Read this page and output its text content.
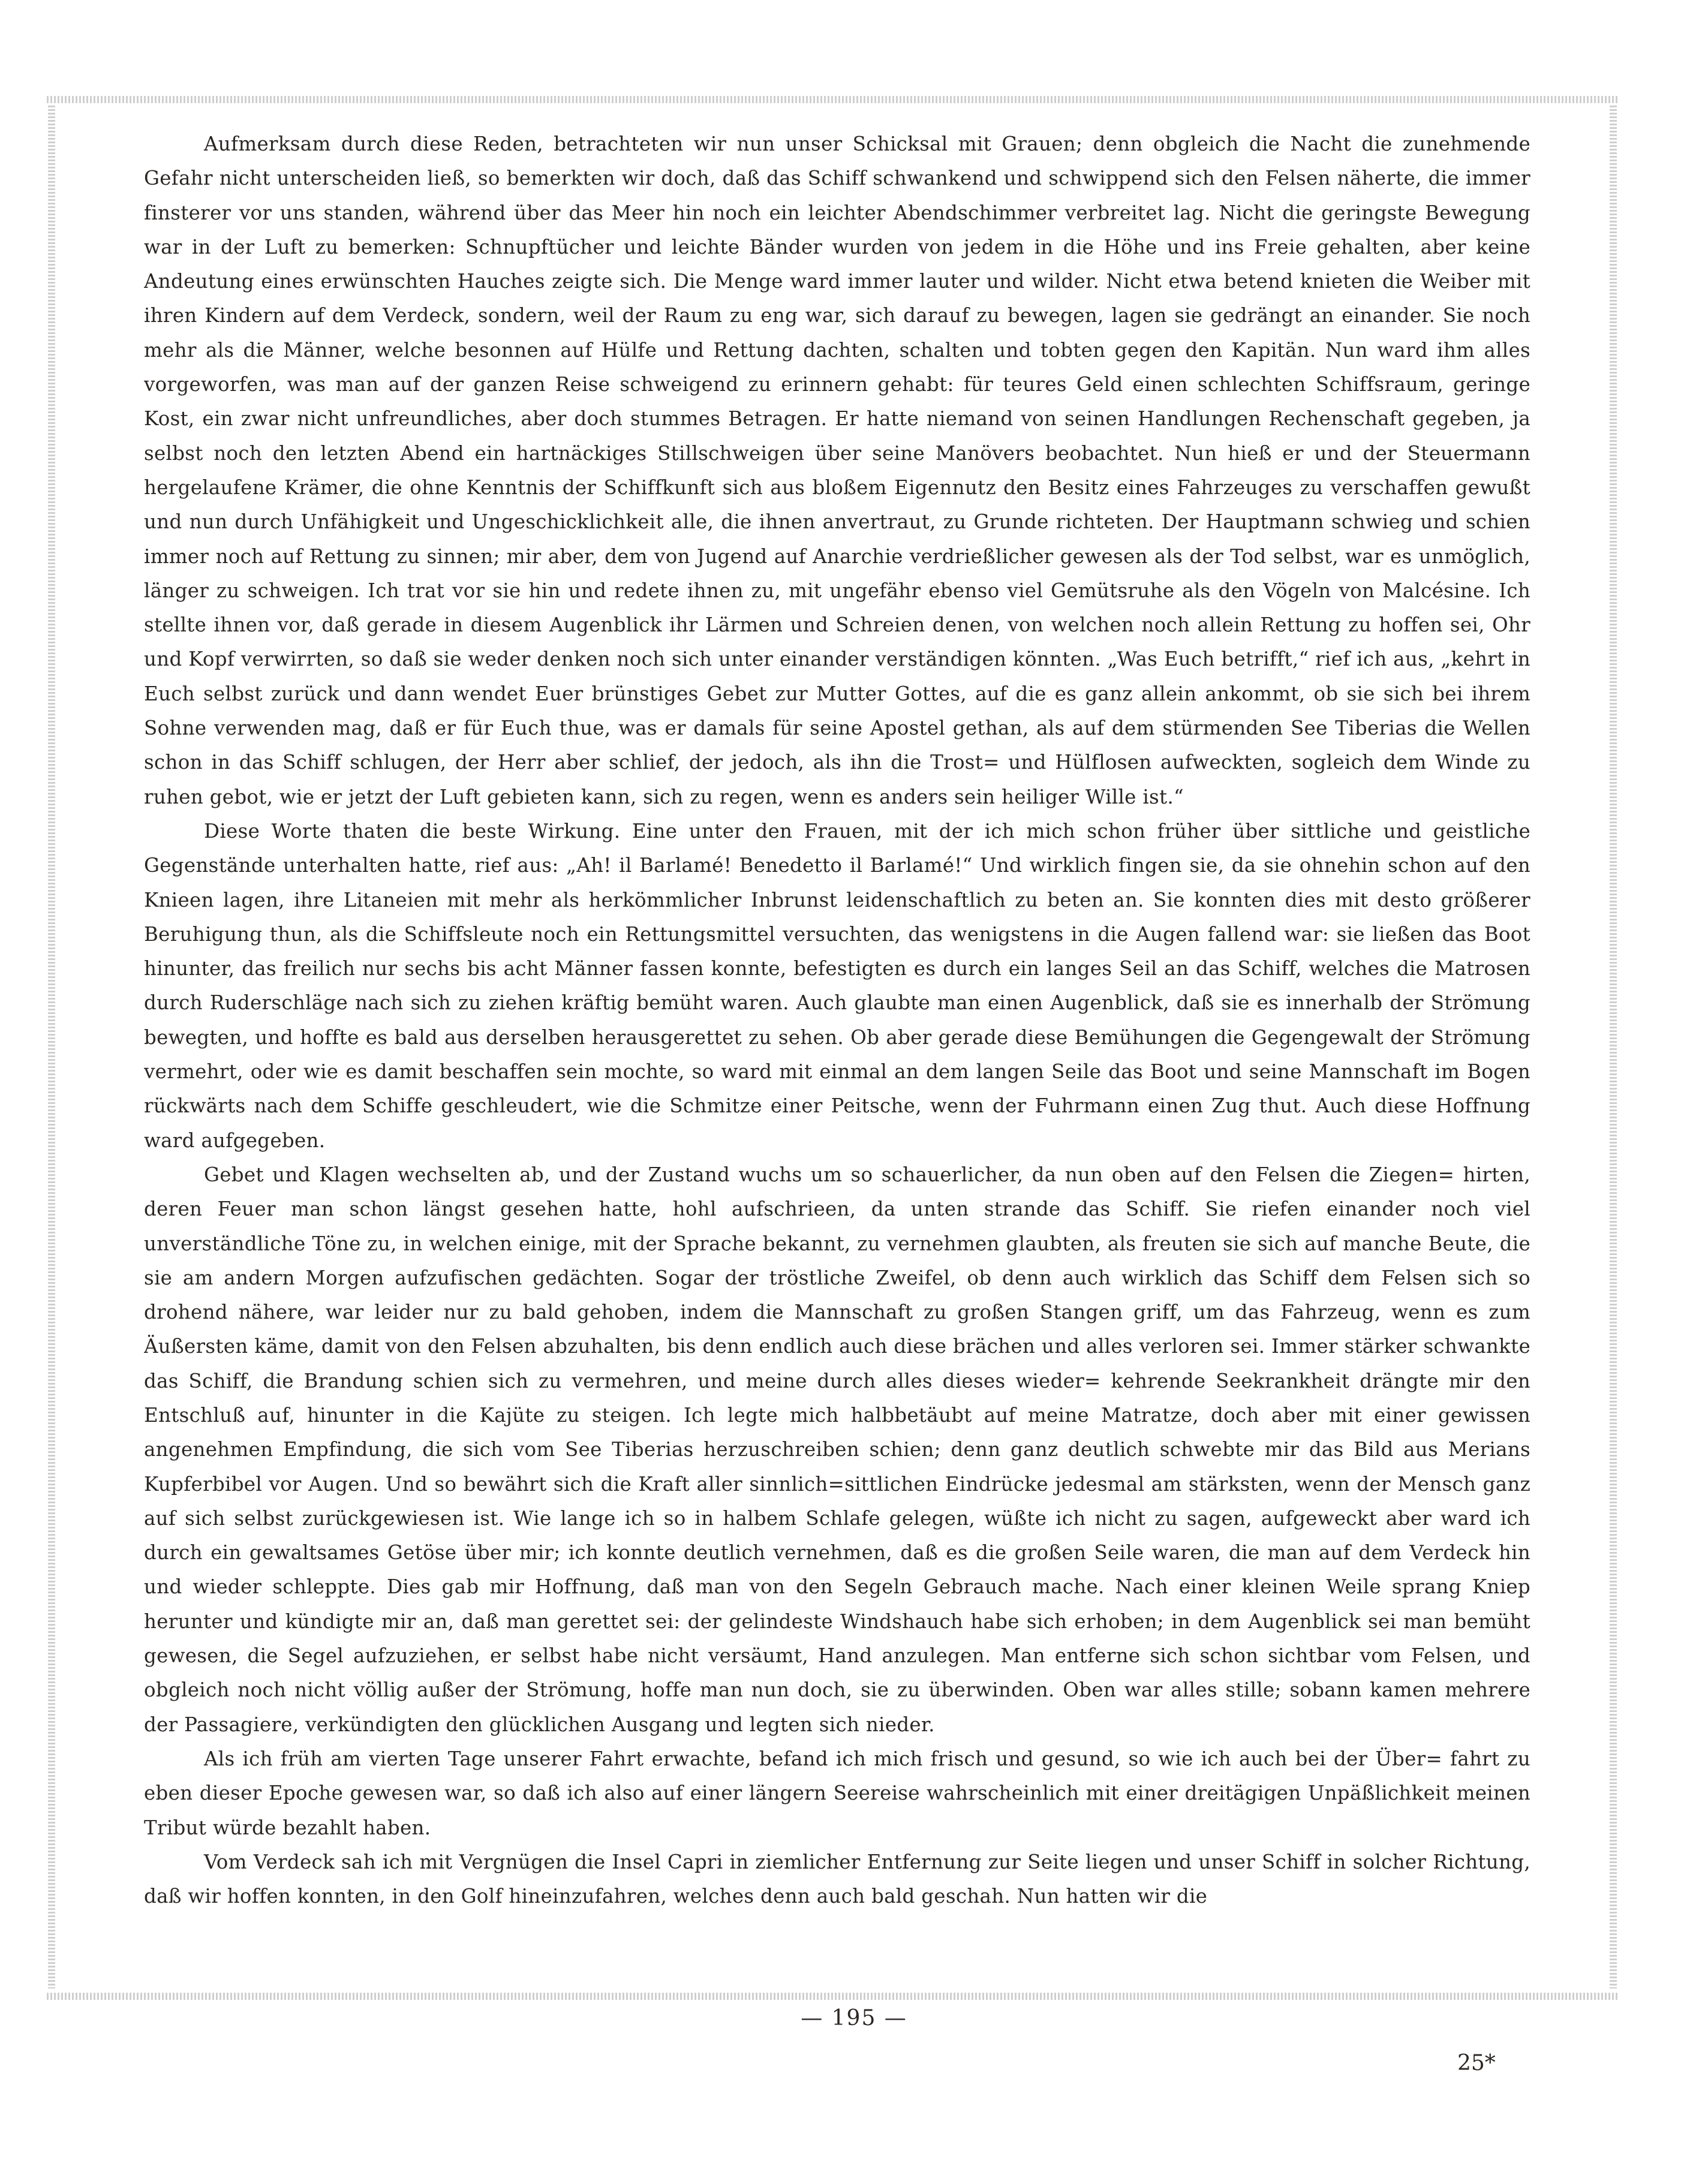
Aufmerksam durch diese Reden, betrachteten wir nun unser Schicksal mit Grauen; denn obgleich die Nacht die zunehmende Gefahr nicht unterscheiden ließ, so bemerkten wir doch, daß das Schiff schwankend und schwippend sich den Felsen näherte, die immer finsterer vor uns standen, während über das Meer hin noch ein leichter Abendschimmer verbreitet lag. Nicht die geringste Bewegung war in der Luft zu bemerken: Schnupftücher und leichte Bänder wurden von jedem in die Höhe und ins Freie gehalten, aber keine Andeutung eines erwünschten Hauches zeigte sich. Die Menge ward immer lauter und wilder. Nicht etwa betend knieten die Weiber mit ihren Kindern auf dem Verdeck, sondern, weil der Raum zu eng war, sich darauf zu bewegen, lagen sie gedrängt an einander. Sie noch mehr als die Männer, welche besonnen auf Hülfe und Rettung dachten, schalten und tobten gegen den Kapitän. Nun ward ihm alles vorgeworfen, was man auf der ganzen Reise schweigend zu erinnern gehabt: für teures Geld einen schlechten Schiffsraum, geringe Kost, ein zwar nicht unfreundliches, aber doch stummes Betragen. Er hatte niemand von seinen Handlungen Rechenschaft gegeben, ja selbst noch den letzten Abend ein hartnäckiges Stillschweigen über seine Manövers beobachtet. Nun hieß er und der Steuermann hergelaufene Krämer, die ohne Kenntnis der Schiffkunft sich aus bloßem Eigennutz den Besitz eines Fahrzeuges zu verschaffen gewußt und nun durch Unfähigkeit und Ungeschicklichkeit alle, die ihnen anvertraut, zu Grunde richteten. Der Hauptmann schwieg und schien immer noch auf Rettung zu sinnen; mir aber, dem von Jugend auf Anarchie verdrießlicher gewesen als der Tod selbst, war es unmöglich, länger zu schweigen. Ich trat vor sie hin und redete ihnen zu, mit ungefähr ebenso viel Gemütsruhe als den Vögeln von Malcésine. Ich stellte ihnen vor, daß gerade in diesem Augenblick ihr Lärmen und Schreien denen, von welchen noch allein Rettung zu hoffen sei, Ohr und Kopf verwirrten, so daß sie weder denken noch sich unter einander verständigen könnten. „Was Euch betrifft,“ rief ich aus, „kehrt in Euch selbst zurück und dann wendet Euer brünstiges Gebet zur Mutter Gottes, auf die es ganz allein ankommt, ob sie sich bei ihrem Sohne verwenden mag, daß er für Euch thue, was er damals für seine Apostel gethan, als auf dem stürmenden See Tiberias die Wellen schon in das Schiff schlugen, der Herr aber schlief, der jedoch, als ihn die Trost= und Hülflosen aufweckten, sogleich dem Winde zu ruhen gebot, wie er jetzt der Luft gebieten kann, sich zu regen, wenn es anders sein heiliger Wille ist.“

Diese Worte thaten die beste Wirkung. Eine unter den Frauen, mit der ich mich schon früher über sittliche und geistliche Gegenstände unterhalten hatte, rief aus: „Ah! il Barlamé! Benedetto il Barlamé!“ Und wirklich fingen sie, da sie ohnehin schon auf den Knieen lagen, ihre Litaneien mit mehr als herkömmlicher Inbrunst leidenschaftlich zu beten an. Sie konnten dies mit desto größerer Beruhigung thun, als die Schiffsleute noch ein Rettungsmittel versuchten, das wenigstens in die Augen fallend war: sie ließen das Boot hinunter, das freilich nur sechs bis acht Männer fassen konnte, befestigten es durch ein langes Seil an das Schiff, welches die Matrosen durch Ruderschläge nach sich zu ziehen kräftig bemüht waren. Auch glaubte man einen Augenblick, daß sie es innerhalb der Strömung bewegten, und hoffte es bald aus derselben herausgerettet zu sehen. Ob aber gerade diese Bemühungen die Gegengewalt der Strömung vermehrt, oder wie es damit beschaffen sein mochte, so ward mit einmal an dem langen Seile das Boot und seine Mannschaft im Bogen rückwärts nach dem Schiffe geschleudert, wie die Schmitze einer Peitsche, wenn der Fuhrmann einen Zug thut. Auch diese Hoffnung ward aufgegeben.

Gebet und Klagen wechselten ab, und der Zustand wuchs um so schauerlicher, da nun oben auf den Felsen die Ziegen= hirten, deren Feuer man schon längst gesehen hatte, hohl aufschrieen, da unten strande das Schiff. Sie riefen einander noch viel unverständliche Töne zu, in welchen einige, mit der Sprache bekannt, zu vernehmen glaubten, als freuten sie sich auf manche Beute, die sie am andern Morgen aufzufischen gedächten. Sogar der tröstliche Zweifel, ob denn auch wirklich das Schiff dem Felsen sich so drohend nähere, war leider nur zu bald gehoben, indem die Mannschaft zu großen Stangen griff, um das Fahrzeug, wenn es zum Äußersten käme, damit von den Felsen abzuhalten, bis denn endlich auch diese brächen und alles verloren sei. Immer stärker schwankte das Schiff, die Brandung schien sich zu vermehren, und meine durch alles dieses wieder= kehrende Seekrankheit drängte mir den Entschluß auf, hinunter in die Kajüte zu steigen. Ich legte mich halbbetäubt auf meine Matratze, doch aber mit einer gewissen angenehmen Empfindung, die sich vom See Tiberias herzuschreiben schien; denn ganz deutlich schwebte mir das Bild aus Merians Kupferbibel vor Augen. Und so bewährt sich die Kraft aller sinnlich=sittlichen Eindrücke jedesmal am stärksten, wenn der Mensch ganz auf sich selbst zurückgewiesen ist. Wie lange ich so in halbem Schlafe gelegen, wüßte ich nicht zu sagen, aufgeweckt aber ward ich durch ein gewaltsames Getöse über mir; ich konnte deutlich vernehmen, daß es die großen Seile waren, die man auf dem Verdeck hin und wieder schleppte. Dies gab mir Hoffnung, daß man von den Segeln Gebrauch mache. Nach einer kleinen Weile sprang Kniep herunter und kündigte mir an, daß man gerettet sei: der gelindeste Windshauch habe sich erhoben; in dem Augenblick sei man bemüht gewesen, die Segel aufzuziehen, er selbst habe nicht versäumt, Hand anzulegen. Man entferne sich schon sichtbar vom Felsen, und obgleich noch nicht völlig außer der Strömung, hoffe man nun doch, sie zu überwinden. Oben war alles stille; sobann kamen mehrere der Passagiere, verkündigten den glücklichen Ausgang und legten sich nieder.

Als ich früh am vierten Tage unserer Fahrt erwachte, befand ich mich frisch und gesund, so wie ich auch bei der Über= fahrt zu eben dieser Epoche gewesen war, so daß ich also auf einer längern Seereise wahrscheinlich mit einer dreitägigen Unpäßlichkeit meinen Tribut würde bezahlt haben.

Vom Verdeck sah ich mit Vergnügen die Insel Capri in ziemlicher Entfernung zur Seite liegen und unser Schiff in solcher Richtung, daß wir hoffen konnten, in den Golf hineinzufahren, welches denn auch bald geschah. Nun hatten wir die

— 195 —
25*
